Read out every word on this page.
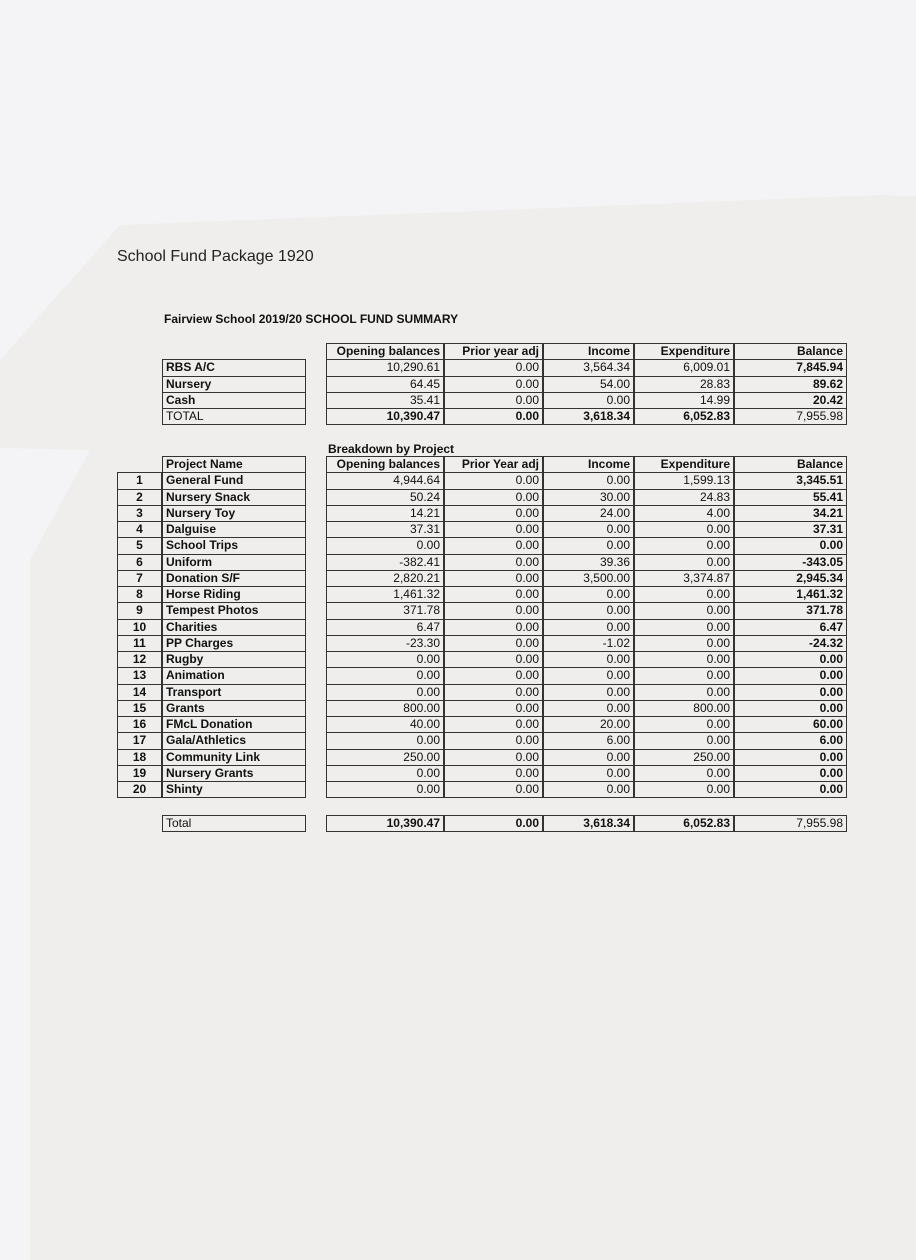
School Fund Package 1920
Fairview School 2019/20 SCHOOL FUND SUMMARY
Breakdown by Project
Opening balances	Prior year adj	Income	Expenditure	Balance
RBS A/C	10,290.61	0.00	3,564.34	6,009.01	7,845.94
Nursery	64.45	0.00	54.00	28.83	89.62
Cash	35.41	0.00	0.00	14.99	20.42
TOTAL	10,390.47	0.00	3,618.34	6,052.83	7,955.98
Project Name	Opening balances	Prior Year adj	Income	Expenditure	Balance
1	General Fund	4,944.64	0.00	0.00	1,599.13	3,345.51
2	Nursery Snack	50.24	0.00	30.00	24.83	55.41
3	Nursery Toy	14.21	0.00	24.00	4.00	34.21
4	Dalguise	37.31	0.00	0.00	0.00	37.31
5	School Trips	0.00	0.00	0.00	0.00	0.00
6	Uniform	-382.41	0.00	39.36	0.00	-343.05
7	Donation S/F	2,820.21	0.00	3,500.00	3,374.87	2,945.34
8	Horse Riding	1,461.32	0.00	0.00	0.00	1,461.32
9	Tempest Photos	371.78	0.00	0.00	0.00	371.78
10	Charities	6.47	0.00	0.00	0.00	6.47
11	PP Charges	-23.30	0.00	-1.02	0.00	-24.32
12	Rugby	0.00	0.00	0.00	0.00	0.00
13	Animation	0.00	0.00	0.00	0.00	0.00
14	Transport	0.00	0.00	0.00	0.00	0.00
15	Grants	800.00	0.00	0.00	800.00	0.00
16	FMcL Donation	40.00	0.00	20.00	0.00	60.00
17	Gala/Athletics	0.00	0.00	6.00	0.00	6.00
18	Community Link	250.00	0.00	0.00	250.00	0.00
19	Nursery Grants	0.00	0.00	0.00	0.00	0.00
20	Shinty	0.00	0.00	0.00	0.00	0.00
Total	10,390.47	0.00	3,618.34	6,052.83	7,955.98
